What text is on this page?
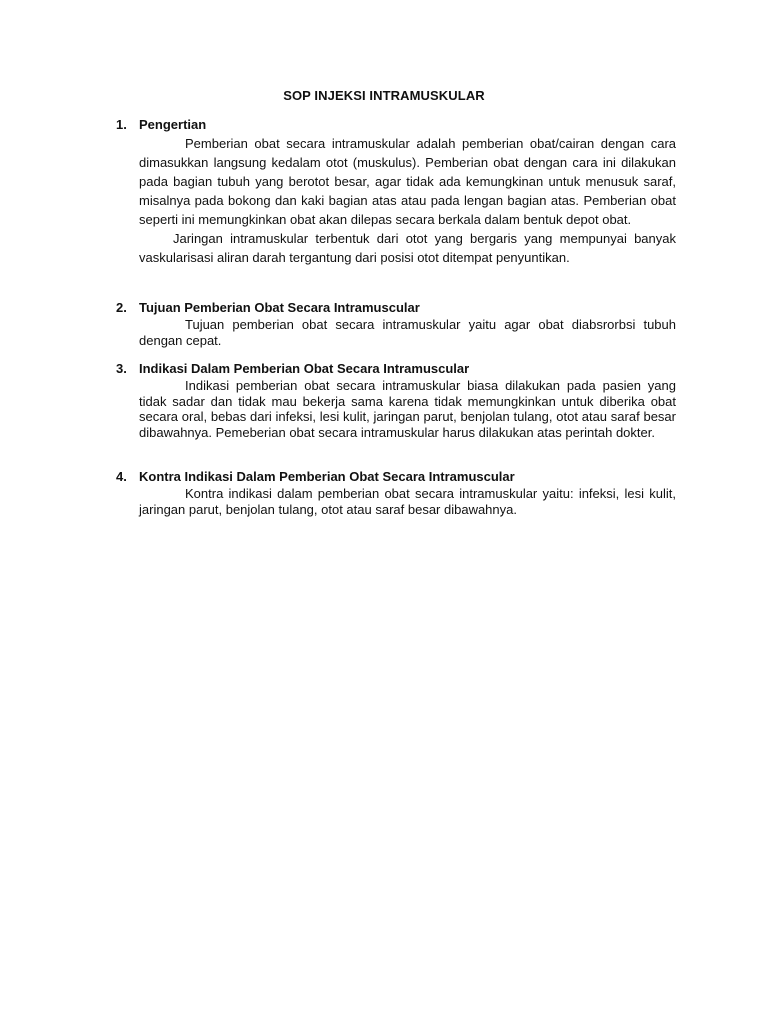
SOP INJEKSI INTRAMUSKULAR
1. Pengertian

Pemberian obat secara intramuskular adalah pemberian obat/cairan dengan cara dimasukkan langsung kedalam otot (muskulus). Pemberian obat dengan cara ini dilakukan pada bagian tubuh yang berotot besar, agar tidak ada kemungkinan untuk menusuk saraf, misalnya pada bokong dan kaki bagian atas atau pada lengan bagian atas. Pemberian obat seperti ini memungkinkan obat akan dilepas secara berkala dalam bentuk depot obat.

Jaringan intramuskular terbentuk dari otot yang bergaris yang mempunyai banyak vaskularisasi aliran darah tergantung dari posisi otot ditempat penyuntikan.

2. Tujuan Pemberian Obat Secara Intramuscular

Tujuan pemberian obat secara intramuskular yaitu agar obat diabsrorbsi tubuh dengan cepat.

3. Indikasi Dalam Pemberian Obat Secara Intramuscular

Indikasi pemberian obat secara intramuskular biasa dilakukan pada pasien yang tidak sadar dan tidak mau bekerja sama karena tidak memungkinkan untuk diberika obat secara oral, bebas dari infeksi, lesi kulit, jaringan parut, benjolan tulang, otot atau saraf besar dibawahnya. Pemeberian obat secara intramuskular harus dilakukan atas perintah dokter.

4. Kontra Indikasi Dalam Pemberian Obat Secara Intramuscular

Kontra indikasi dalam pemberian obat secara intramuskular yaitu: infeksi, lesi kulit, jaringan parut, benjolan tulang, otot atau saraf besar dibawahnya.
